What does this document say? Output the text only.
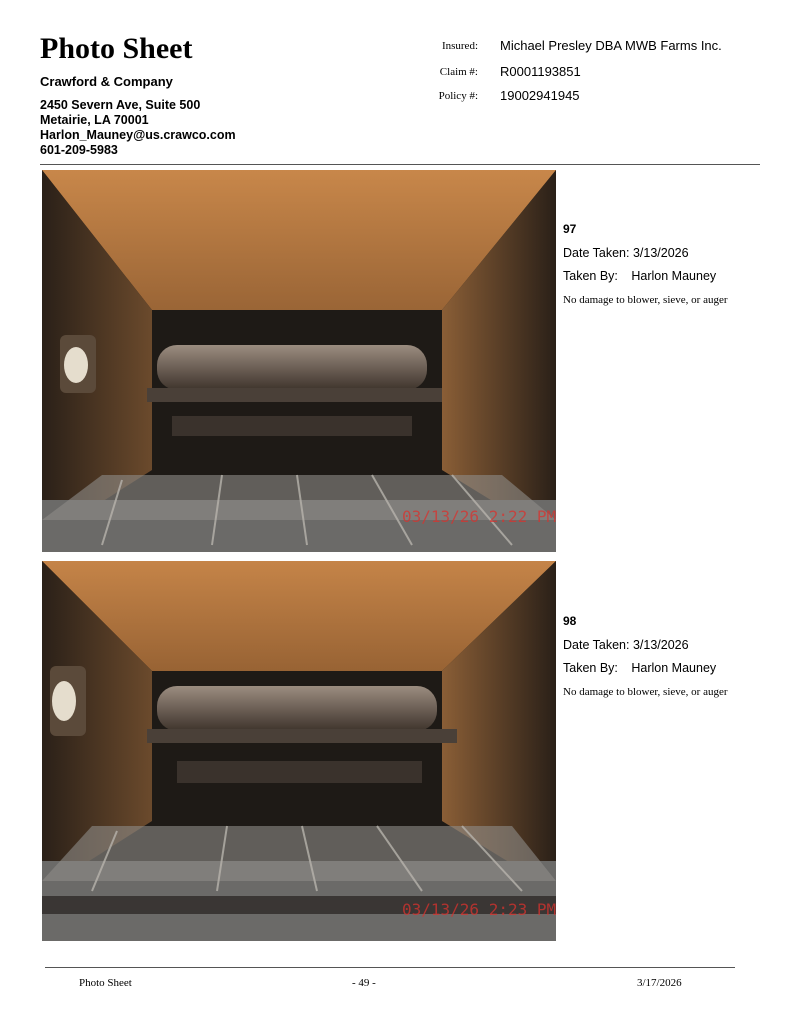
Photo Sheet
Crawford & Company
2450 Severn Ave, Suite 500
Metairie, LA 70001
Harlon_Mauney@us.crawco.com
601-209-5983
Insured: Michael Presley DBA MWB Farms Inc.
Claim #: R0001193851
Policy #: 19002941945
03/13/26 2:22 PM
97
Date Taken: 3/13/2026
Taken By: Harlon Mauney
No damage to blower, sieve, or auger
03/13/26 2:23 PM
98
Date Taken: 3/13/2026
Taken By: Harlon Mauney
No damage to blower, sieve, or auger
Photo Sheet	- 49 -	3/17/2026
